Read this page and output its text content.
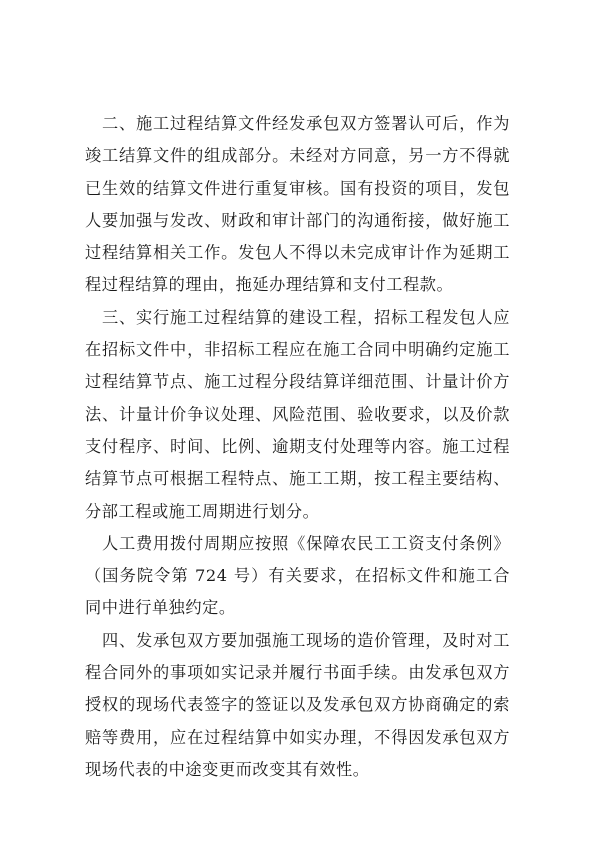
二、施工过程结算文件经发承包双方签署认可后，作为竣工结算文件的组成部分。未经对方同意，另一方不得就已生效的结算文件进行重复审核。国有投资的项目，发包人要加强与发改、财政和审计部门的沟通衔接，做好施工过程结算相关工作。发包人不得以未完成审计作为延期工程过程结算的理由，拖延办理结算和支付工程款。

三、实行施工过程结算的建设工程，招标工程发包人应在招标文件中，非招标工程应在施工合同中明确约定施工过程结算节点、施工过程分段结算详细范围、计量计价方法、计量计价争议处理、风险范围、验收要求，以及价款支付程序、时间、比例、逾期支付处理等内容。施工过程结算节点可根据工程特点、施工工期，按工程主要结构、分部工程或施工周期进行划分。

人工费用拨付周期应按照《保障农民工工资支付条例》（国务院令第 724 号）有关要求，在招标文件和施工合同中进行单独约定。

四、发承包双方要加强施工现场的造价管理，及时对工程合同外的事项如实记录并履行书面手续。由发承包双方授权的现场代表签字的签证以及发承包双方协商确定的索赔等费用，应在过程结算中如实办理，不得因发承包双方现场代表的中途变更而改变其有效性。
